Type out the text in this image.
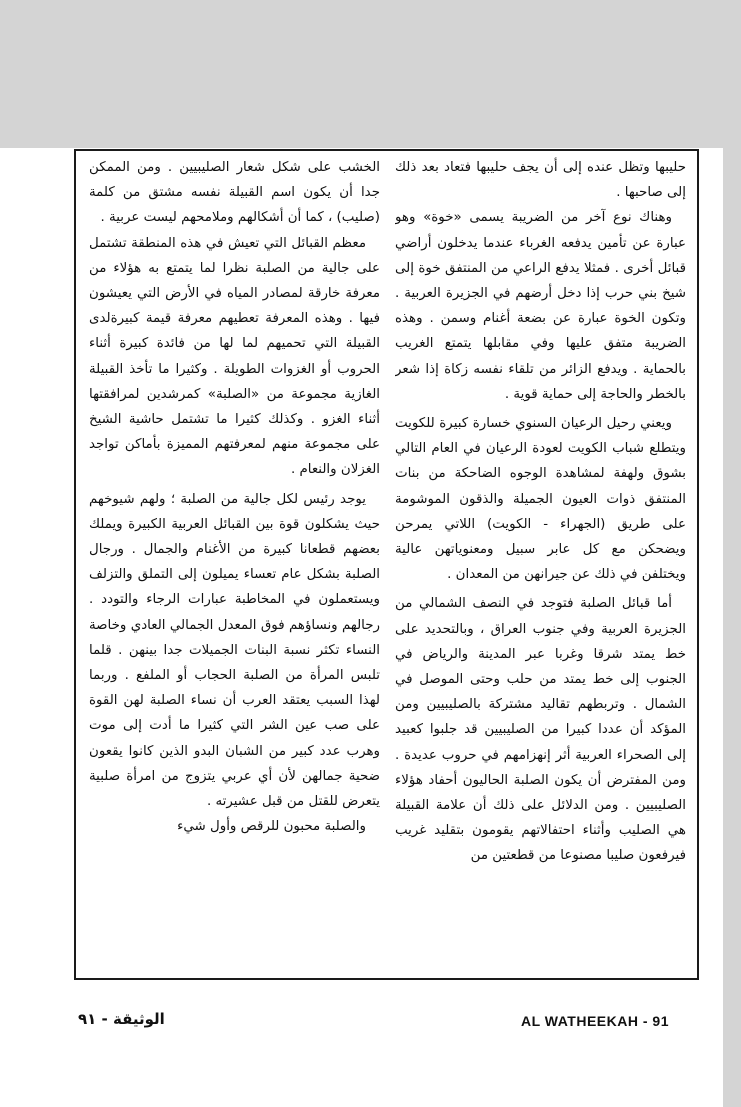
حليبها وتظل عنده إلى أن يجف حليبها فتعاد بعد ذلك إلى صاحبها .

وهناك نوع آخر من الضريبة يسمى «خوة» وهو عبارة عن تأمين يدفعه الغرباء عندما يدخلون أراضي قبائل أخرى . فمثلا يدفع الراعي من المنتفق خوة إلى شيخ بني حرب إذا دخل أرضهم في الجزيرة العربية . وتكون الخوة عبارة عن بضعة أغنام وسمن . وهذه الضريبة متفق عليها وفي مقابلها يتمتع الغريب بالحماية . ويدفع الزائر من تلقاء نفسه زكاة إذا شعر بالخطر والحاجة إلى حماية قوية .

ويعني رحيل الرعيان السنوي خسارة كبيرة للكويت ويتطلع شباب الكويت لعودة الرعيان في العام التالي بشوق ولهفة لمشاهدة الوجوه الضاحكة من بنات المنتفق ذوات العيون الجميلة والذقون الموشومة على طريق (الجهراء - الكويت) اللاتي يمرحن ويضحكن مع كل عابر سبيل ومعنوياتهن عالية ويختلفن في ذلك عن جيرانهن من المعدان .

أما قبائل الصلبة فتوجد في النصف الشمالي من الجزيرة العربية وفي جنوب العراق ، وبالتحديد على خط يمتد شرقا وغربا عبر المدينة والرياض في الجنوب إلى خط يمتد من حلب وحتى الموصل في الشمال . وتربطهم تقاليد مشتركة بالصليبيين ومن المؤكد أن عددا كبيرا من الصليبيين قد جلبوا كعبيد إلى الصحراء العربية أثر إنهزامهم في حروب عديدة . ومن المفترض أن يكون الصلبة الحاليون أحفاد هؤلاء الصليبيين . ومن الدلائل على ذلك أن علامة القبيلة هي الصليب وأثناء احتفالاتهم يقومون بتقليد غريب فيرفعون صليبا مصنوعا من قطعتين من

الخشب على شكل شعار الصليبيين . ومن الممكن جدا أن يكون اسم القبيلة نفسه مشتق من كلمة (صليب) ، كما أن أشكالهم وملامحهم ليست عربية .

معظم القبائل التي تعيش في هذه المنطقة تشتمل على جالية من الصلبة نظرا لما يتمتع به هؤلاء من معرفة خارقة لمصادر المياه في الأرض التي يعيشون فيها . وهذه المعرفة تعطيهم معرفة قيمة كبيرةلدى القبيلة التي تحميهم لما لها من فائدة كبيرة أثناء الحروب أو الغزوات الطويلة . وكثيرا ما تأخذ القبيلة الغازية مجموعة من «الصلبة» كمرشدين لمرافقتها أثناء الغزو . وكذلك كثيرا ما تشتمل حاشية الشيخ على مجموعة منهم لمعرفتهم المميزة بأماكن تواجد الغزلان والنعام .

يوجد رئيس لكل جالية من الصلبة ؛ ولهم شيوخهم حيث يشكلون قوة بين القبائل العربية الكبيرة ويملك بعضهم قطعانا كبيرة من الأغنام والجمال . ورجال الصلبة بشكل عام تعساء يميلون إلى التملق والتزلف ويستعملون في المخاطبة عبارات الرجاء والتودد . رجالهم ونساؤهم فوق المعدل الجمالي العادي وخاصة النساء تكثر نسبة البنات الجميلات جدا بينهن . قلما تلبس المرأة من الصلبة الحجاب أو الملفع . وربما لهذا السبب يعتقد العرب أن نساء الصلبة لهن القوة على صب عين الشر التي كثيرا ما أدت إلى موت وهرب عدد كبير من الشبان البدو الذين كانوا يقعون ضحية جمالهن لأن أي عربي يتزوج من امرأة صلبية يتعرض للقتل من قبل عشيرته .

والصلبة محبون للرقص وأول شيء

الوثيقة - ٩١	AL WATHEEKAH - 91
